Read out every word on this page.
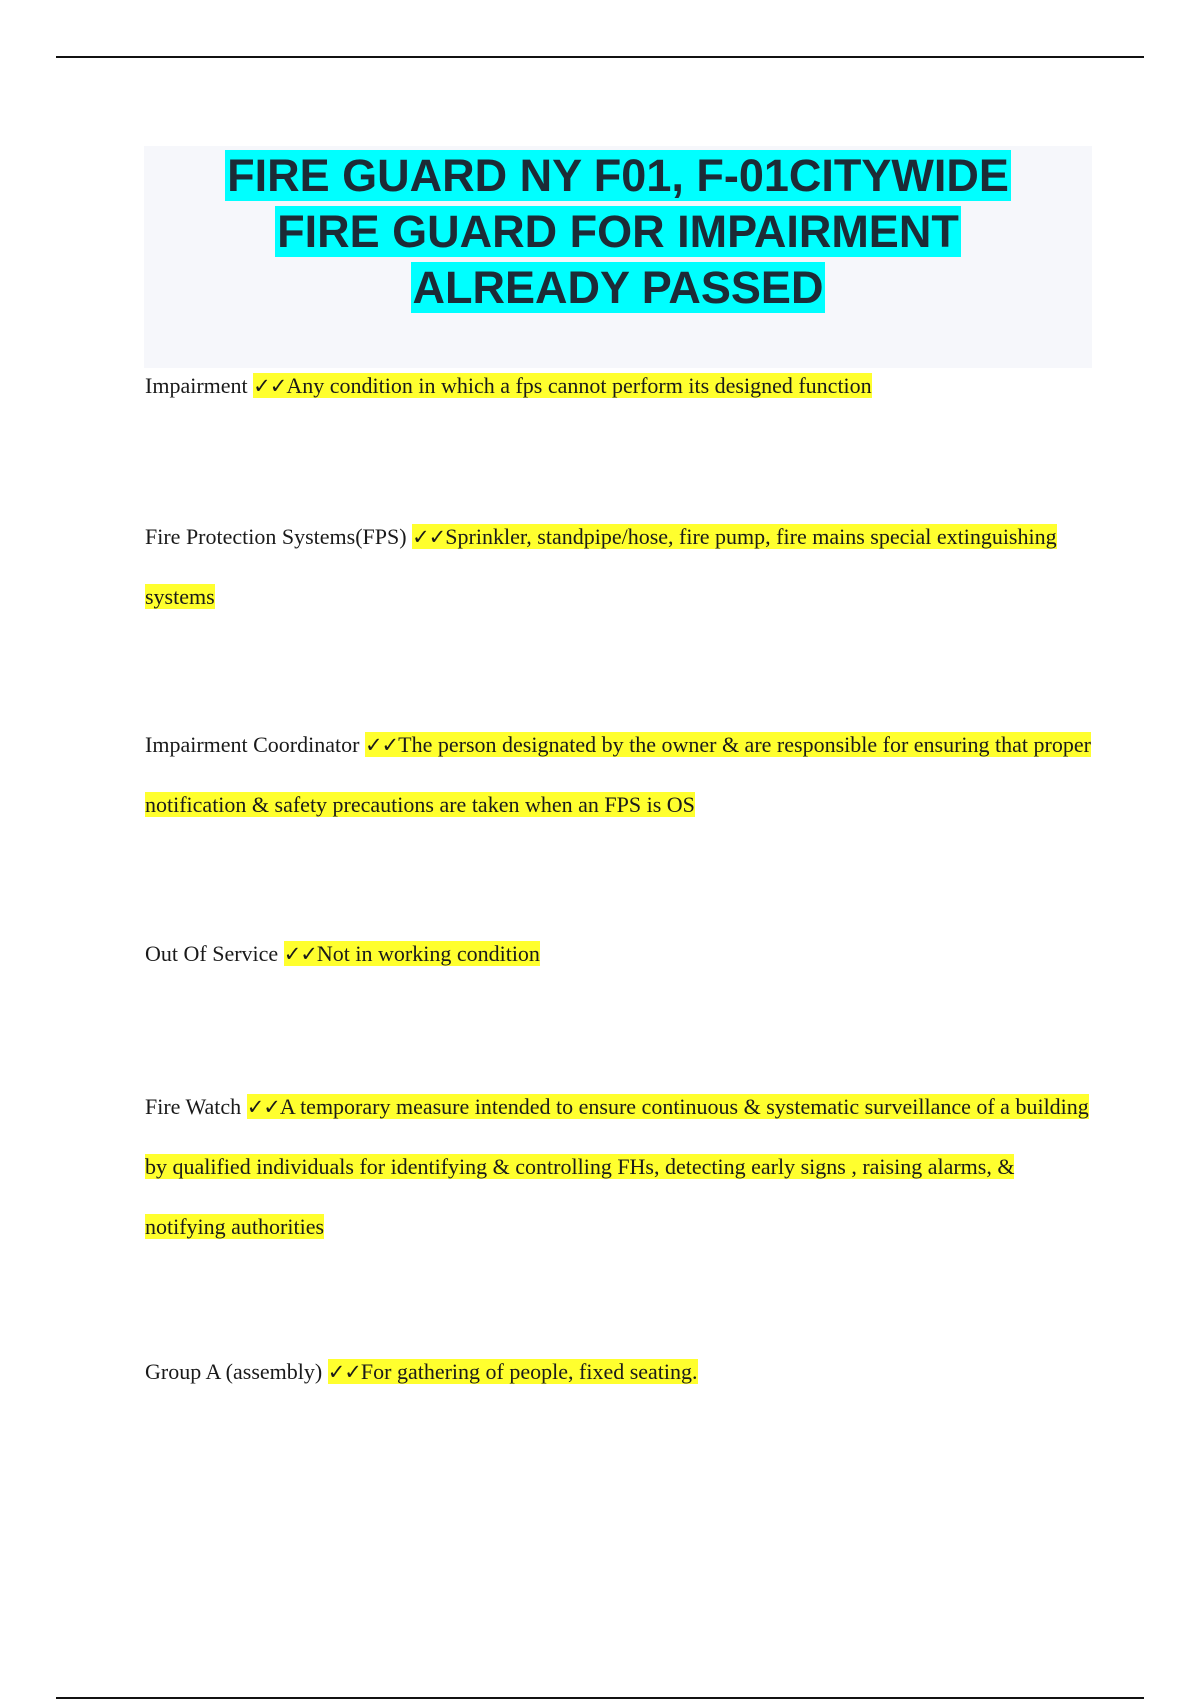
FIRE GUARD NY F01, F-01CITYWIDE
FIRE GUARD FOR IMPAIRMENT
ALREADY PASSED

Impairment ✓✓Any condition in which a fps cannot perform its designed function

Fire Protection Systems(FPS) ✓✓Sprinkler, standpipe/hose, fire pump, fire mains special extinguishing systems

Impairment Coordinator ✓✓The person designated by the owner & are responsible for ensuring that proper notification & safety precautions are taken when an FPS is OS

Out Of Service ✓✓Not in working condition

Fire Watch ✓✓A temporary measure intended to ensure continuous & systematic surveillance of a building by qualified individuals for identifying & controlling FHs, detecting early signs , raising alarms, & notifying authorities

Group A (assembly) ✓✓For gathering of people, fixed seating.
